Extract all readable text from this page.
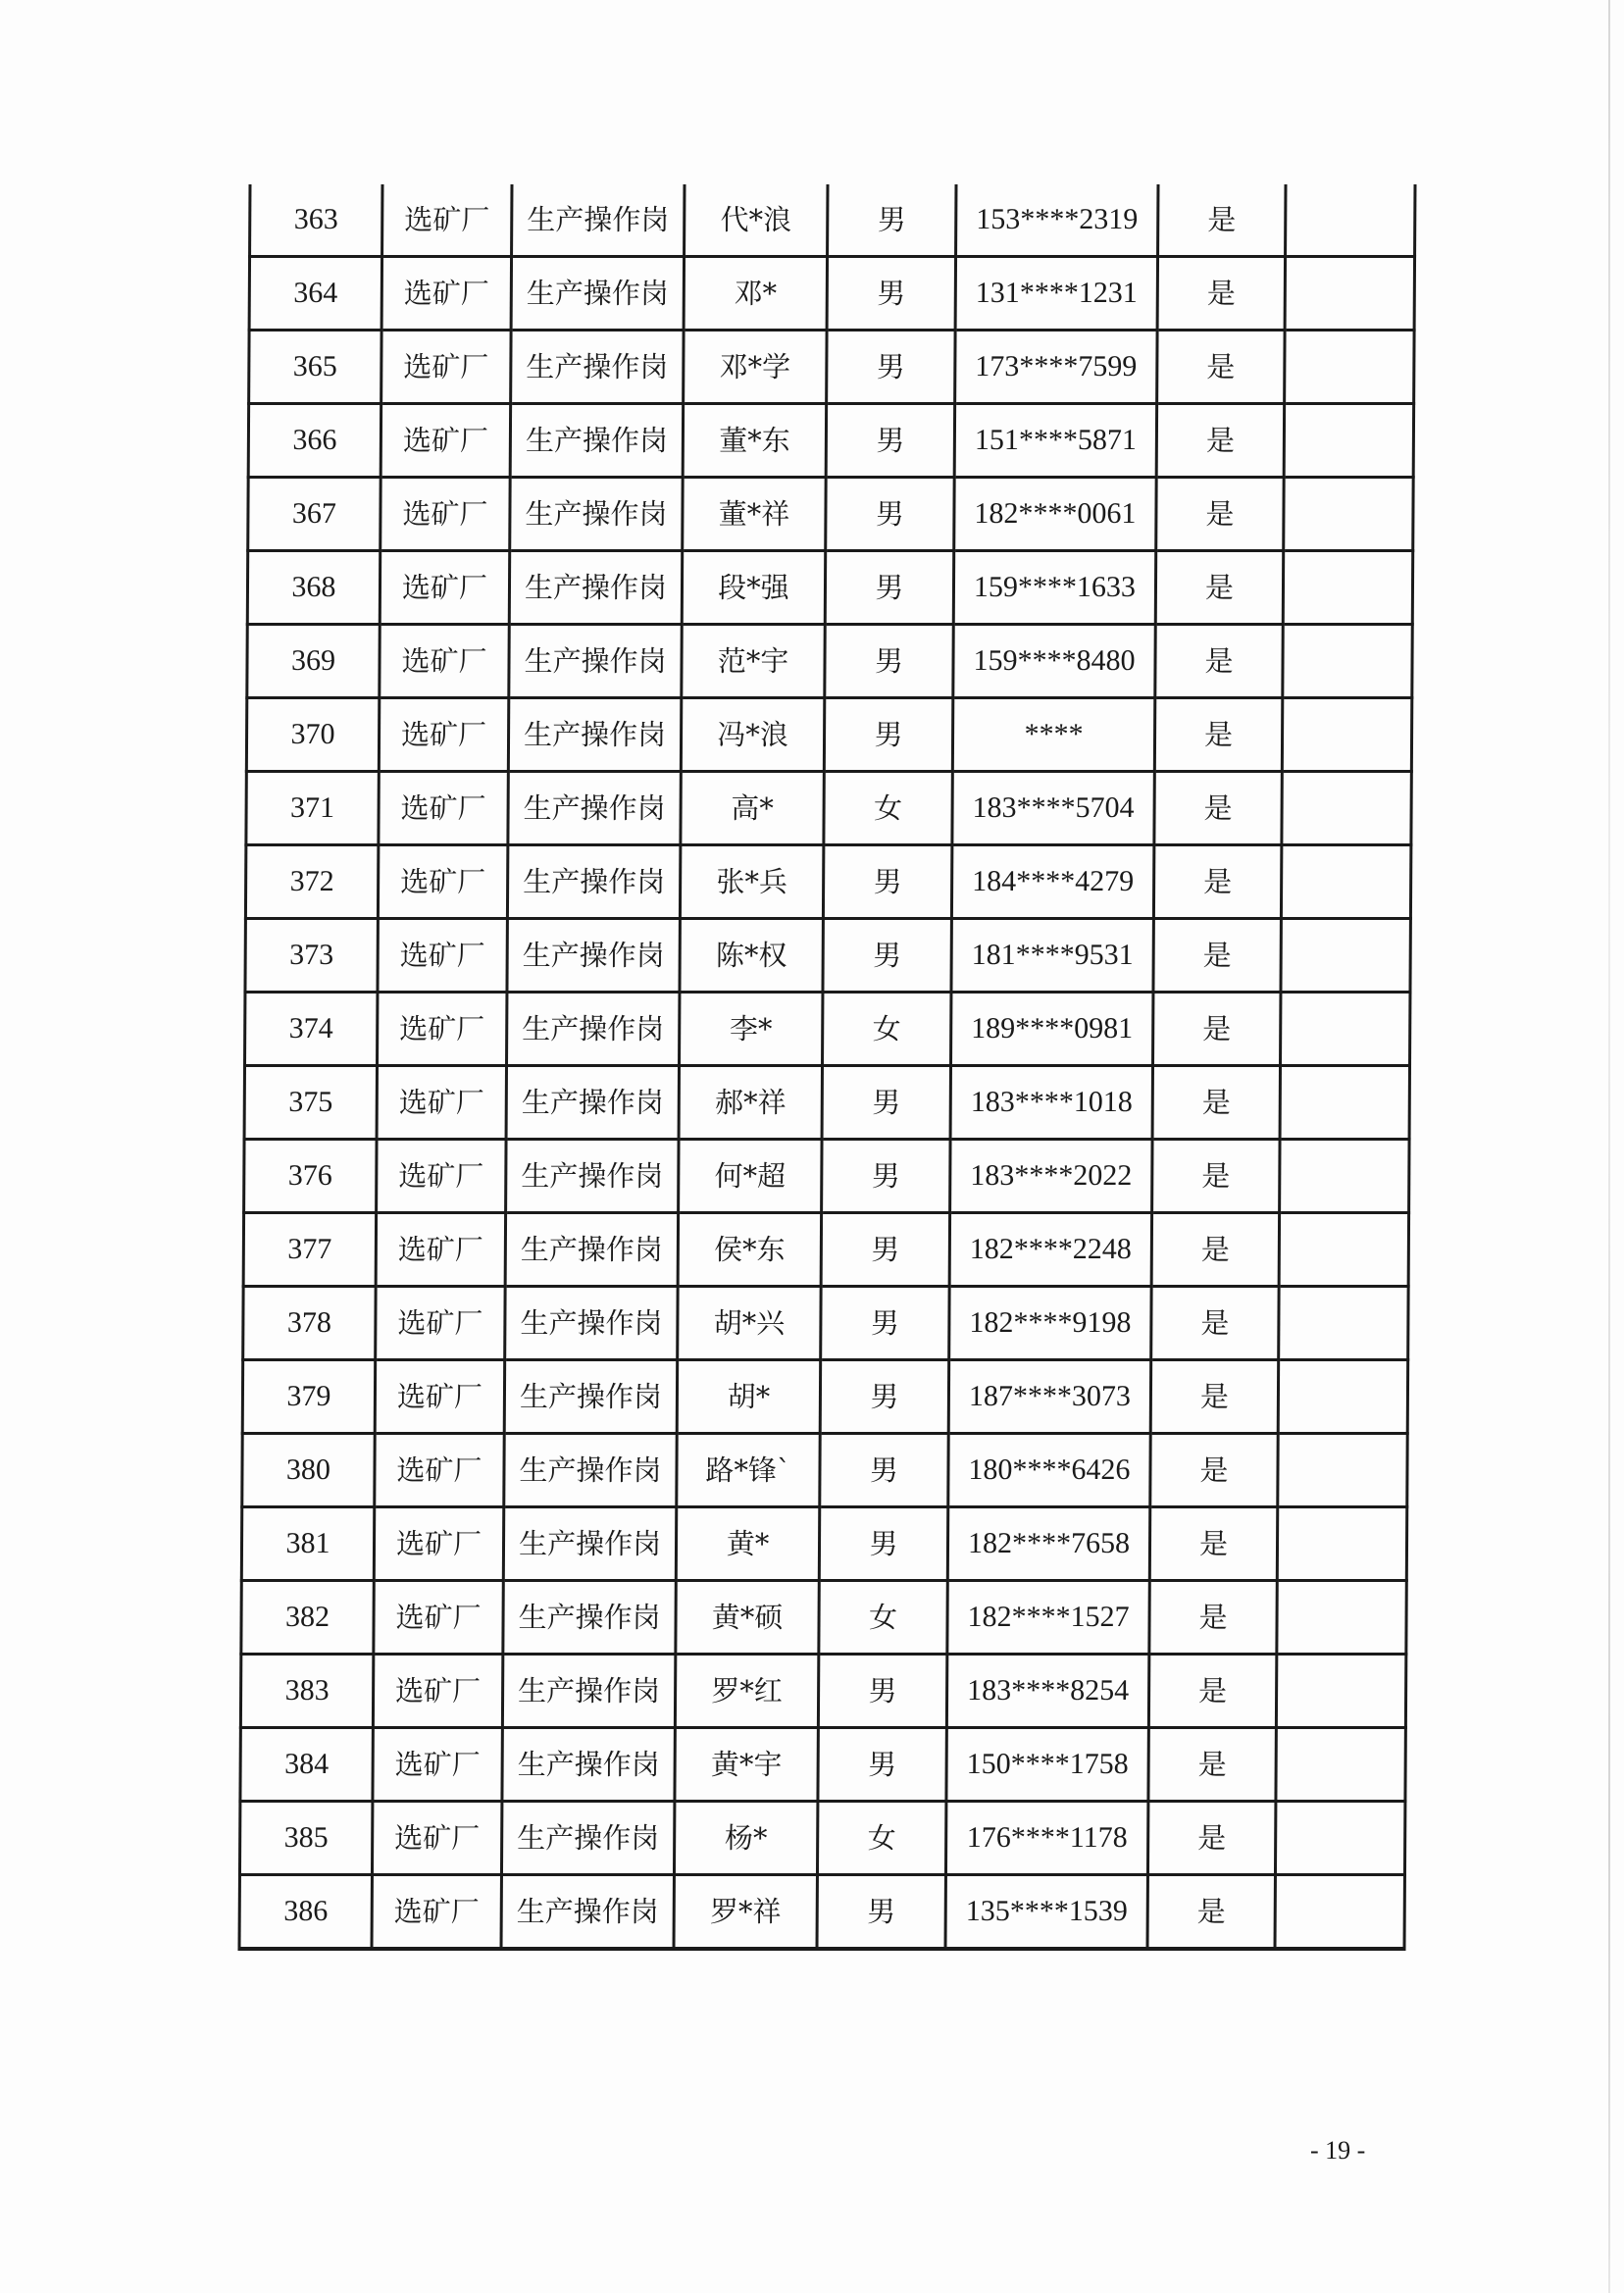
363	选矿厂	生产操作岗	代*浪	男	153****2319	是	
364	选矿厂	生产操作岗	邓*	男	131****1231	是	
365	选矿厂	生产操作岗	邓*学	男	173****7599	是	
366	选矿厂	生产操作岗	董*东	男	151****5871	是	
367	选矿厂	生产操作岗	董*祥	男	182****0061	是	
368	选矿厂	生产操作岗	段*强	男	159****1633	是	
369	选矿厂	生产操作岗	范*宇	男	159****8480	是	
370	选矿厂	生产操作岗	冯*浪	男	****	是	
371	选矿厂	生产操作岗	高*	女	183****5704	是	
372	选矿厂	生产操作岗	张*兵	男	184****4279	是	
373	选矿厂	生产操作岗	陈*权	男	181****9531	是	
374	选矿厂	生产操作岗	李*	女	189****0981	是	
375	选矿厂	生产操作岗	郝*祥	男	183****1018	是	
376	选矿厂	生产操作岗	何*超	男	183****2022	是	
377	选矿厂	生产操作岗	侯*东	男	182****2248	是	
378	选矿厂	生产操作岗	胡*兴	男	182****9198	是	
379	选矿厂	生产操作岗	胡*	男	187****3073	是	
380	选矿厂	生产操作岗	路*锋`	男	180****6426	是	
381	选矿厂	生产操作岗	黄*	男	182****7658	是	
382	选矿厂	生产操作岗	黄*硕	女	182****1527	是	
383	选矿厂	生产操作岗	罗*红	男	183****8254	是	
384	选矿厂	生产操作岗	黄*宇	男	150****1758	是	
385	选矿厂	生产操作岗	杨*	女	176****1178	是	
386	选矿厂	生产操作岗	罗*祥	男	135****1539	是	
- 19 -
